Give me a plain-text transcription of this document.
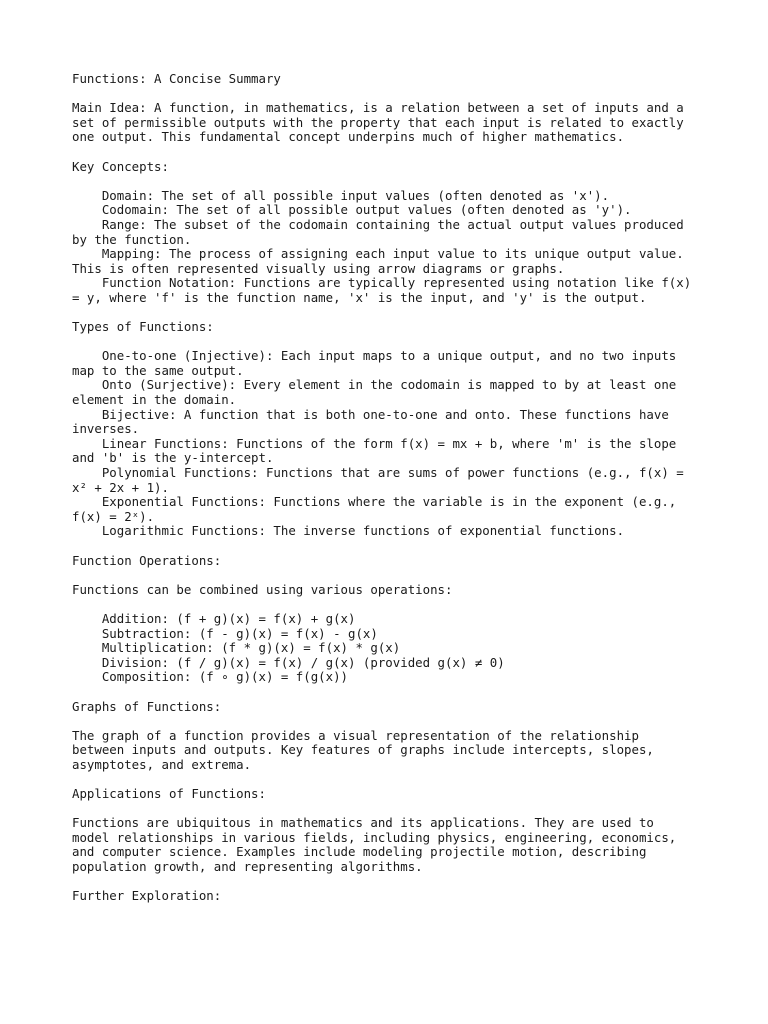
Functions: A Concise Summary
Main Idea: A function, in mathematics, is a relation between a set of inputs and a
set of permissible outputs with the property that each input is related to exactly
one output. This fundamental concept underpins much of higher mathematics.
Key Concepts:
Domain: The set of all possible input values (often denoted as 'x').
Codomain: The set of all possible output values (often denoted as 'y').
Range: The subset of the codomain containing the actual output values produced
by the function.
Mapping: The process of assigning each input value to its unique output value.
This is often represented visually using arrow diagrams or graphs.
Function Notation: Functions are typically represented using notation like f(x)
= y, where 'f' is the function name, 'x' is the input, and 'y' is the output.
Types of Functions:
One-to-one (Injective): Each input maps to a unique output, and no two inputs
map to the same output.
Onto (Surjective): Every element in the codomain is mapped to by at least one
element in the domain.
Bijective: A function that is both one-to-one and onto. These functions have
inverses.
Linear Functions: Functions of the form f(x) = mx + b, where 'm' is the slope
and 'b' is the y-intercept.
Polynomial Functions: Functions that are sums of power functions (e.g., f(x) =
x² + 2x + 1).
Exponential Functions: Functions where the variable is in the exponent (e.g.,
f(x) = 2ˣ).
Logarithmic Functions: The inverse functions of exponential functions.
Function Operations:
Functions can be combined using various operations:
Addition: (f + g)(x) = f(x) + g(x)
Subtraction: (f - g)(x) = f(x) - g(x)
Multiplication: (f * g)(x) = f(x) * g(x)
Division: (f / g)(x) = f(x) / g(x) (provided g(x) ≠ 0)
Composition: (f ∘ g)(x) = f(g(x))
Graphs of Functions:
The graph of a function provides a visual representation of the relationship
between inputs and outputs. Key features of graphs include intercepts, slopes,
asymptotes, and extrema.
Applications of Functions:
Functions are ubiquitous in mathematics and its applications. They are used to
model relationships in various fields, including physics, engineering, economics,
and computer science. Examples include modeling projectile motion, describing
population growth, and representing algorithms.
Further Exploration:
